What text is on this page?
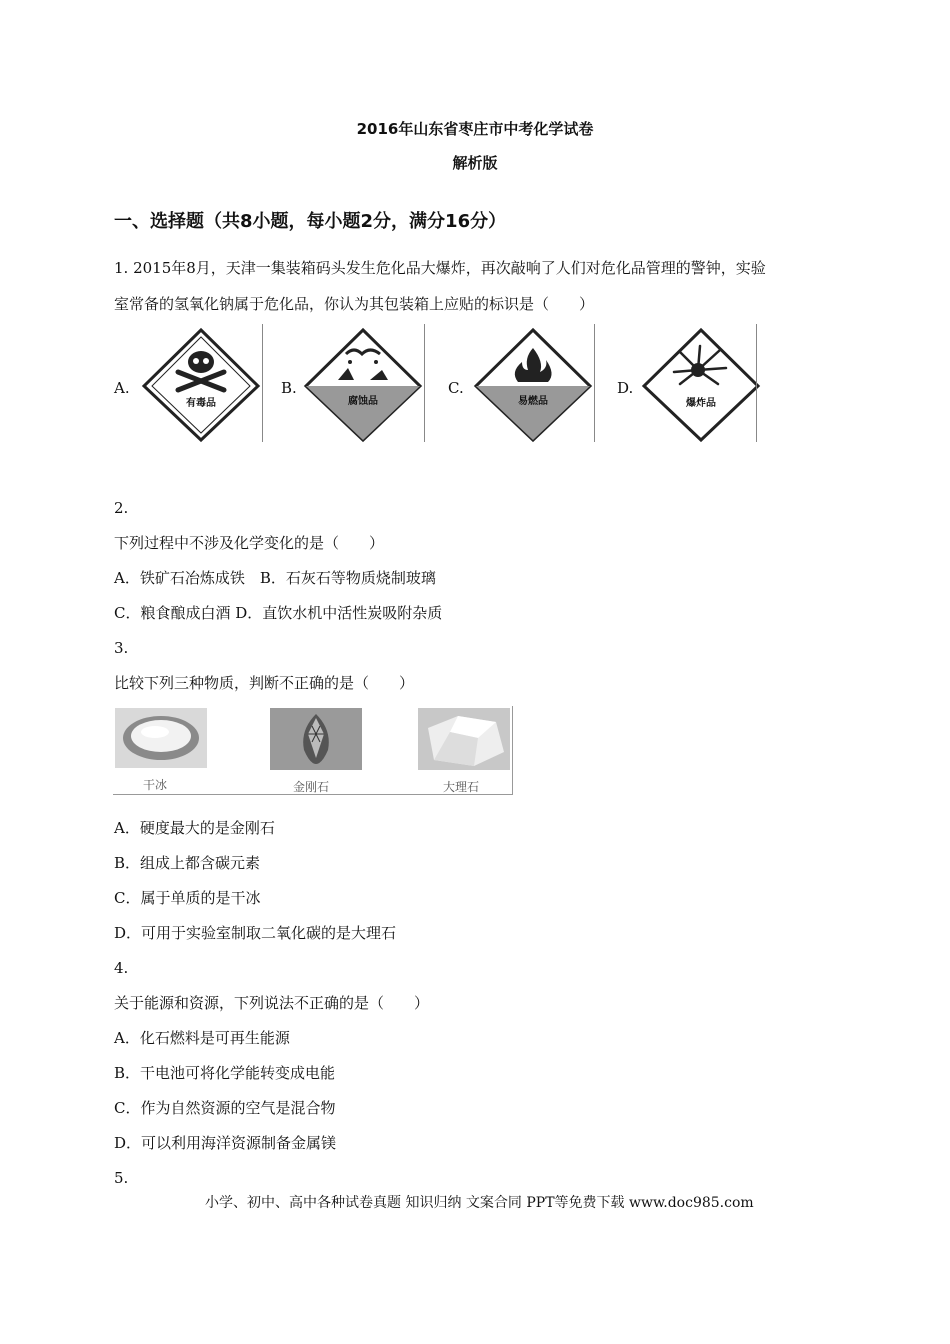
2016年山东省枣庄市中考化学试卷
解析版
一、选择题（共8小题，每小题2分，满分16分）
1. 2015年8月，天津一集装箱码头发生危化品大爆炸，再次敲响了人们对危化品管理的警钟，实验
室常备的氢氧化钠属于危化品，你认为其包装箱上应贴的标识是（　　）
A.
有毒品
B.
腐蚀品
C.
易燃品
D.
爆炸品
2.
下列过程中不涉及化学变化的是（　　）
A．铁矿石冶炼成铁　B．石灰石等物质烧制玻璃
C．粮食酿成白酒 D．直饮水机中活性炭吸附杂质
3.
比较下列三种物质，判断不正确的是（　　）
干冰	金刚石	大理石
A．硬度最大的是金刚石
B．组成上都含碳元素
C．属于单质的是干冰
D．可用于实验室制取二氧化碳的是大理石
4.
关于能源和资源，下列说法不正确的是（　　）
A．化石燃料是可再生能源
B．干电池可将化学能转变成电能
C．作为自然资源的空气是混合物
D．可以利用海洋资源制备金属镁
5.
小学、初中、高中各种试卷真题 知识归纳 文案合同 PPT等免费下载 www.doc985.com
